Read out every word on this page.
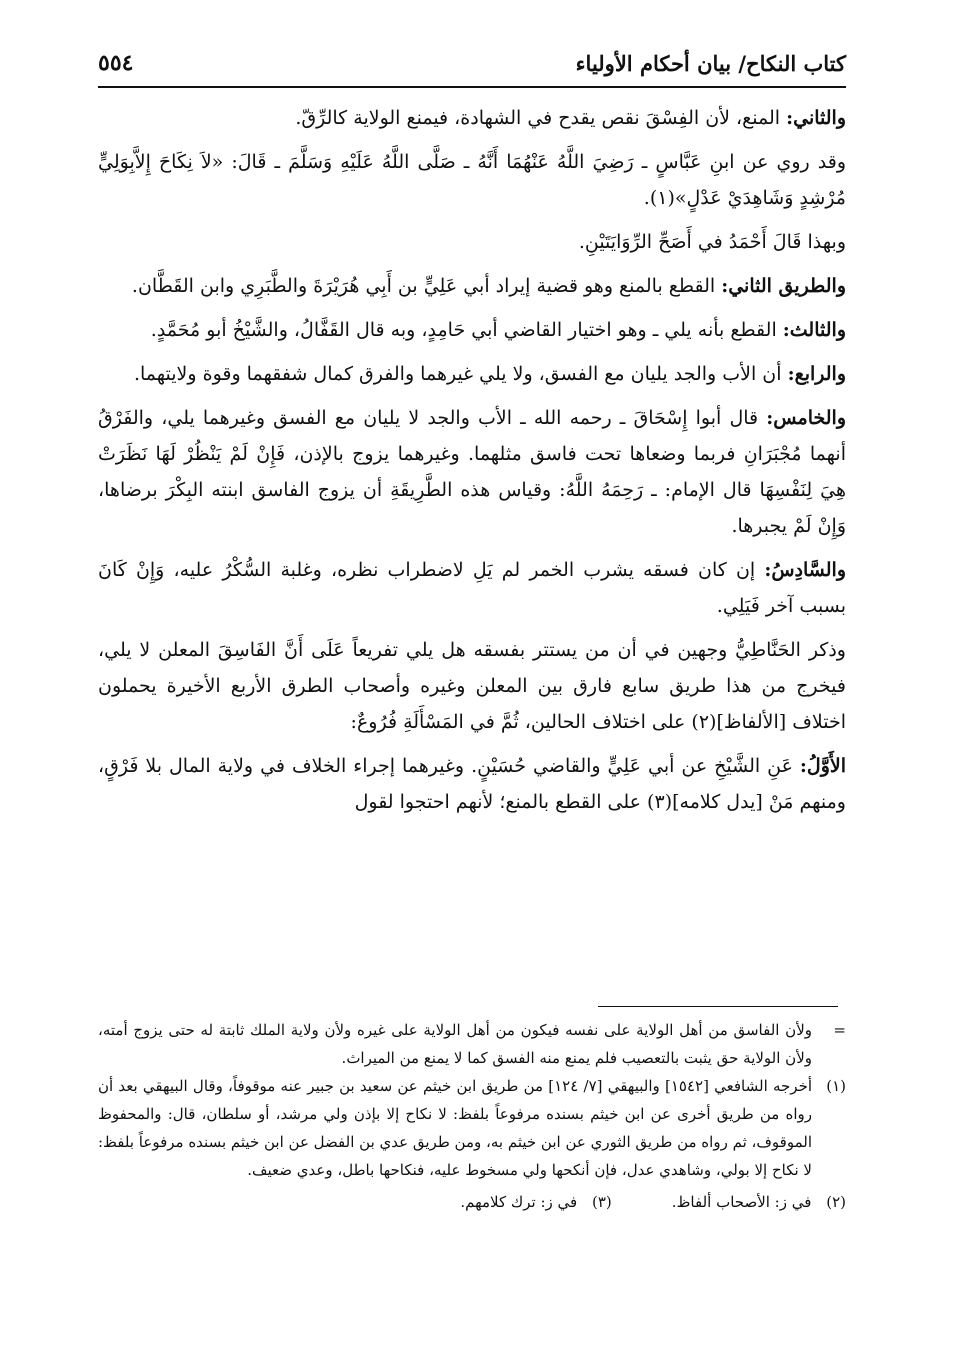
كتاب النكاح/ بيان أحكام الأولياء
٥٥٤

والثاني: المنع، لأن الفِسْقَ نقص يقدح في الشهادة، فيمنع الولاية كالرِّقّ.

وقد روي عن ابنِ عَبَّاسٍ ـ رَضِيَ اللَّهُ عَنْهُمَا أَنَّهُ ـ صَلَّى اللَّهُ عَلَيْهِ وَسَلَّمَ ـ قَالَ: «لاَ نِكَاحَ إِلاَّبِوَلِيٍّ مُرْشِدٍ وَشَاهِدَيْ عَدْلٍ»(١).

وبهذا قَالَ أَحْمَدُ في أَصَحِّ الرِّوَايَتَيْنِ.

والطريق الثاني: القطع بالمنع وهو قضية إيراد أبي عَلِيٍّ بن أَبِي هُرَيْرَةَ والطَّبَرِي وابن القَطَّان.

والثالث: القطع بأنه يلي ـ وهو اختيار القاضي أبي حَامِدٍ، وبه قال القَفَّالُ، والشَّيْخُ أبو مُحَمَّدٍ.

والرابع: أن الأب والجد يليان مع الفسق، ولا يلي غيرهما والفرق كمال شفقهما وقوة ولايتهما.

والخامس: قال أبوا إِسْحَاقَ ـ رحمه الله ـ الأب والجد لا يليان مع الفسق وغيرهما يلي، والفَرْقُ أنهما مُجْبَرَانِ فربما وضعاها تحت فاسق مثلهما. وغيرهما يزوج بالإذن، فَإِنْ لَمْ يَنْظُرْ لَهَا نَظَرَتْ هِيَ لِنَفْسِهَا قال الإمام: ـ رَحِمَهُ اللَّهُ: وقياس هذه الطَّرِيقَةِ أن يزوج الفاسق ابنته البِكْرَ برضاها، وَإِنْ لَمْ يجبرها.

والسَّادِسُ: إن كان فسقه يشرب الخمر لم يَلِ لاضطراب نظره، وغلبة السُّكْرُ عليه، وَإِنْ كَانَ بسبب آخر فَيَلِي.

وذكر الحَنَّاطِيُّ وجهين في أن من يستتر بفسقه هل يلي تفريعاً عَلَى أَنَّ الفَاسِقَ المعلن لا يلي، فيخرج من هذا طريق سابع فارق بين المعلن وغيره وأصحاب الطرق الأربع الأخيرة يحملون اختلاف [الألفاظ](٢) على اختلاف الحالين، ثُمَّ في المَسْأَلَةِ فُرُوعٌ:

الأَوَّلُ: عَنِ الشَّيْخِ عن أبي عَلِيٍّ والقاضي حُسَيْنٍ. وغيرهما إجراء الخلاف في ولاية المال بلا فَرْقٍ، ومنهم مَنْ [يدل كلامه](٣) على القطع بالمنع؛ لأنهم احتجوا لقول

=
ولأن الفاسق من أهل الولاية على نفسه فيكون من أهل الولاية على غيره ولأن ولاية الملك ثابتة له حتى يزوج أمته، ولأن الولاية حق يثبت بالتعصيب فلم يمنع منه الفسق كما لا يمنع من الميراث.
(١)
أخرجه الشافعي [١٥٤٢] والبيهقي [٧/ ١٢٤] من طريق ابن خيثم عن سعيد بن جبير عنه موقوفاً، وقال البيهقي بعد أن رواه من طريق أخرى عن ابن خيثم بسنده مرفوعاً بلفظ: لا نكاح إلا بإذن ولي مرشد، أو سلطان، قال: والمحفوظ الموقوف، ثم رواه من طريق الثوري عن ابن خيثم به، ومن طريق عدي بن الفضل عن ابن خيثم بسنده مرفوعاً بلفظ: لا نكاح إلا بولي، وشاهدي عدل، فإن أنكحها ولي مسخوط عليه، فنكاحها باطل، وعدي ضعيف.
(٢) في ز: الأصحاب ألفاظ.
(٣) في ز: ترك كلامهم.
